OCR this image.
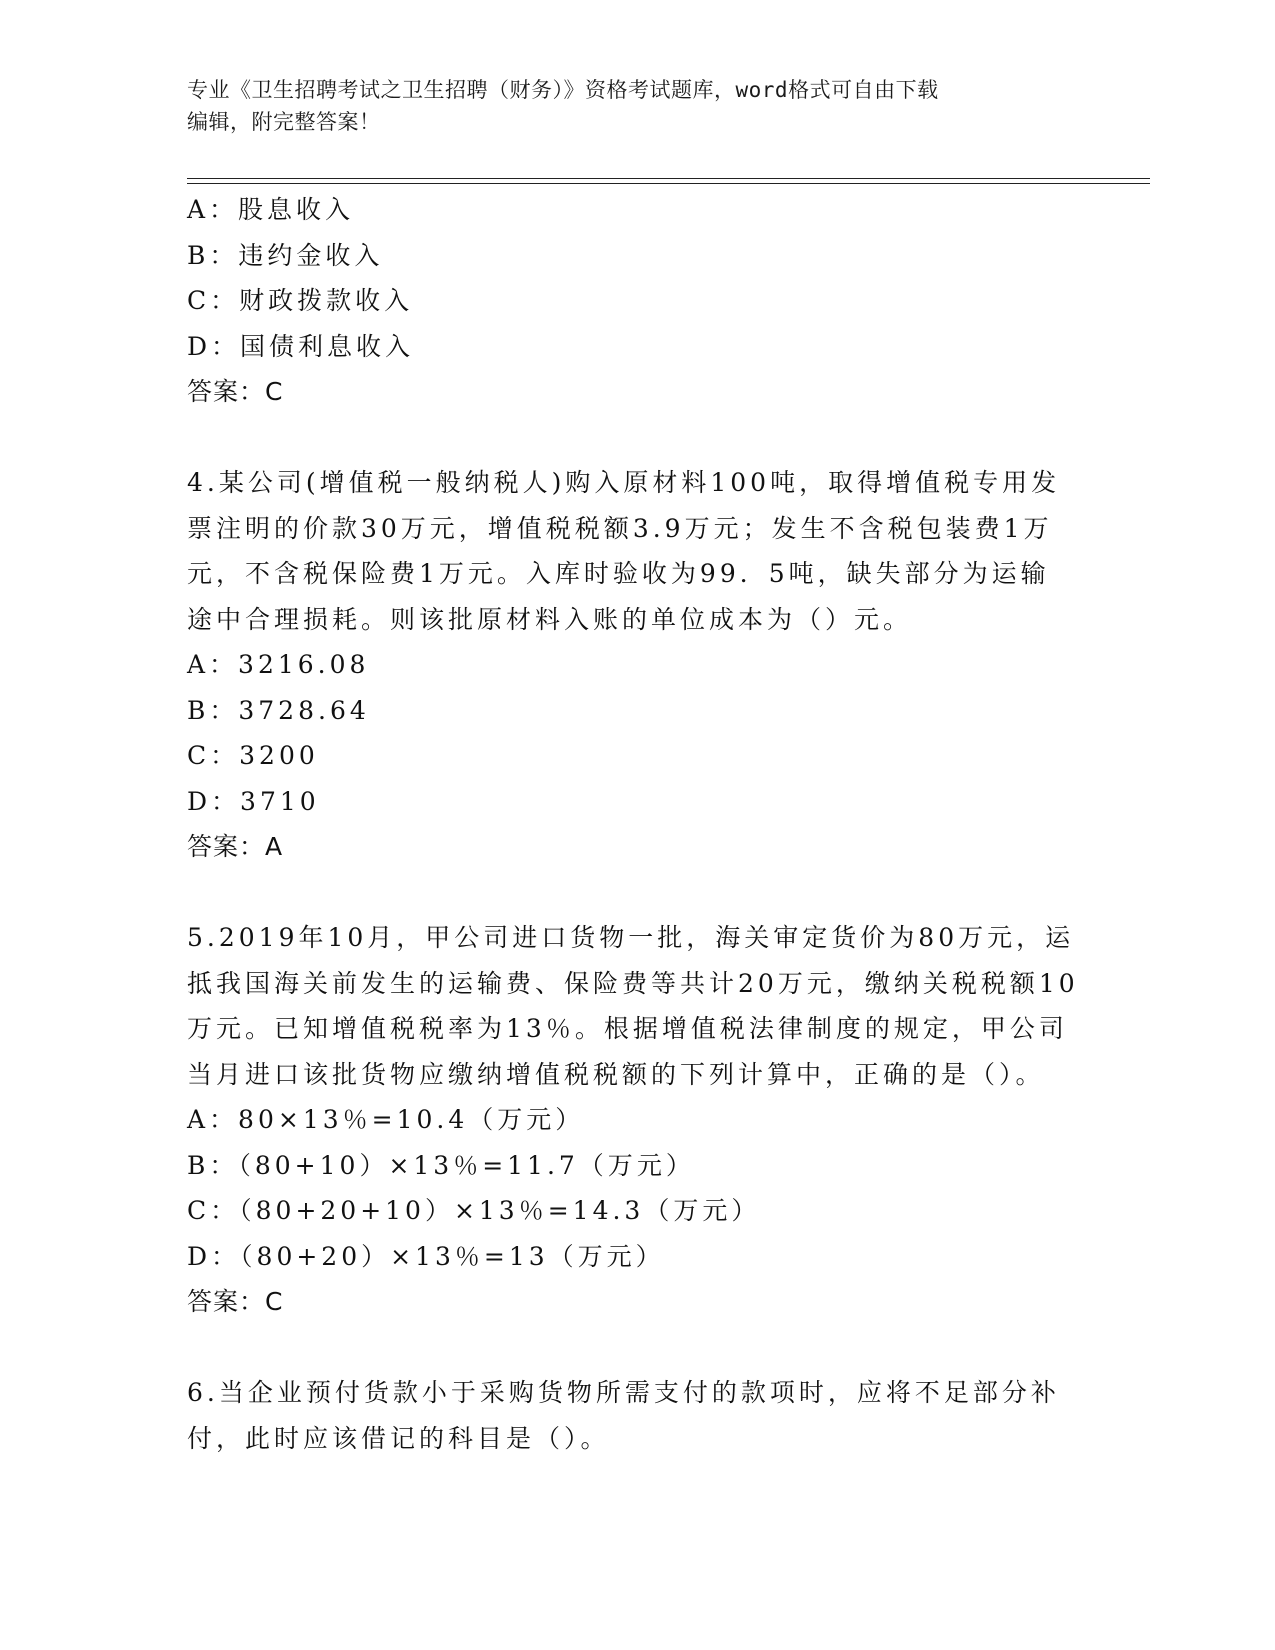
专业《卫生招聘考试之卫生招聘（财务）》资格考试题库，word格式可自由下载
编辑，附完整答案！
A：股息收入
B：违约金收入
C：财政拨款收入
D：国债利息收入
答案：C
4.某公司(增值税一般纳税人)购入原材料100吨，取得增值税专用发
票注明的价款30万元，增值税税额3.9万元；发生不含税包装费1万
元，不含税保险费1万元。入库时验收为99．5吨，缺失部分为运输
途中合理损耗。则该批原材料入账的单位成本为（）元。
A：3216.08
B：3728.64
C：3200
D：3710
答案：A
5.2019年10月，甲公司进口货物一批，海关审定货价为80万元，运
抵我国海关前发生的运输费、保险费等共计20万元，缴纳关税税额10
万元。已知增值税税率为13％。根据增值税法律制度的规定，甲公司
当月进口该批货物应缴纳增值税税额的下列计算中，正确的是（）。
A：80×13％=10.4（万元）
B：（80+10）×13％=11.7（万元）
C：（80+20+10）×13％=14.3（万元）
D：（80+20）×13％=13（万元）
答案：C
6.当企业预付货款小于采购货物所需支付的款项时，应将不足部分补
付，此时应该借记的科目是（）。
